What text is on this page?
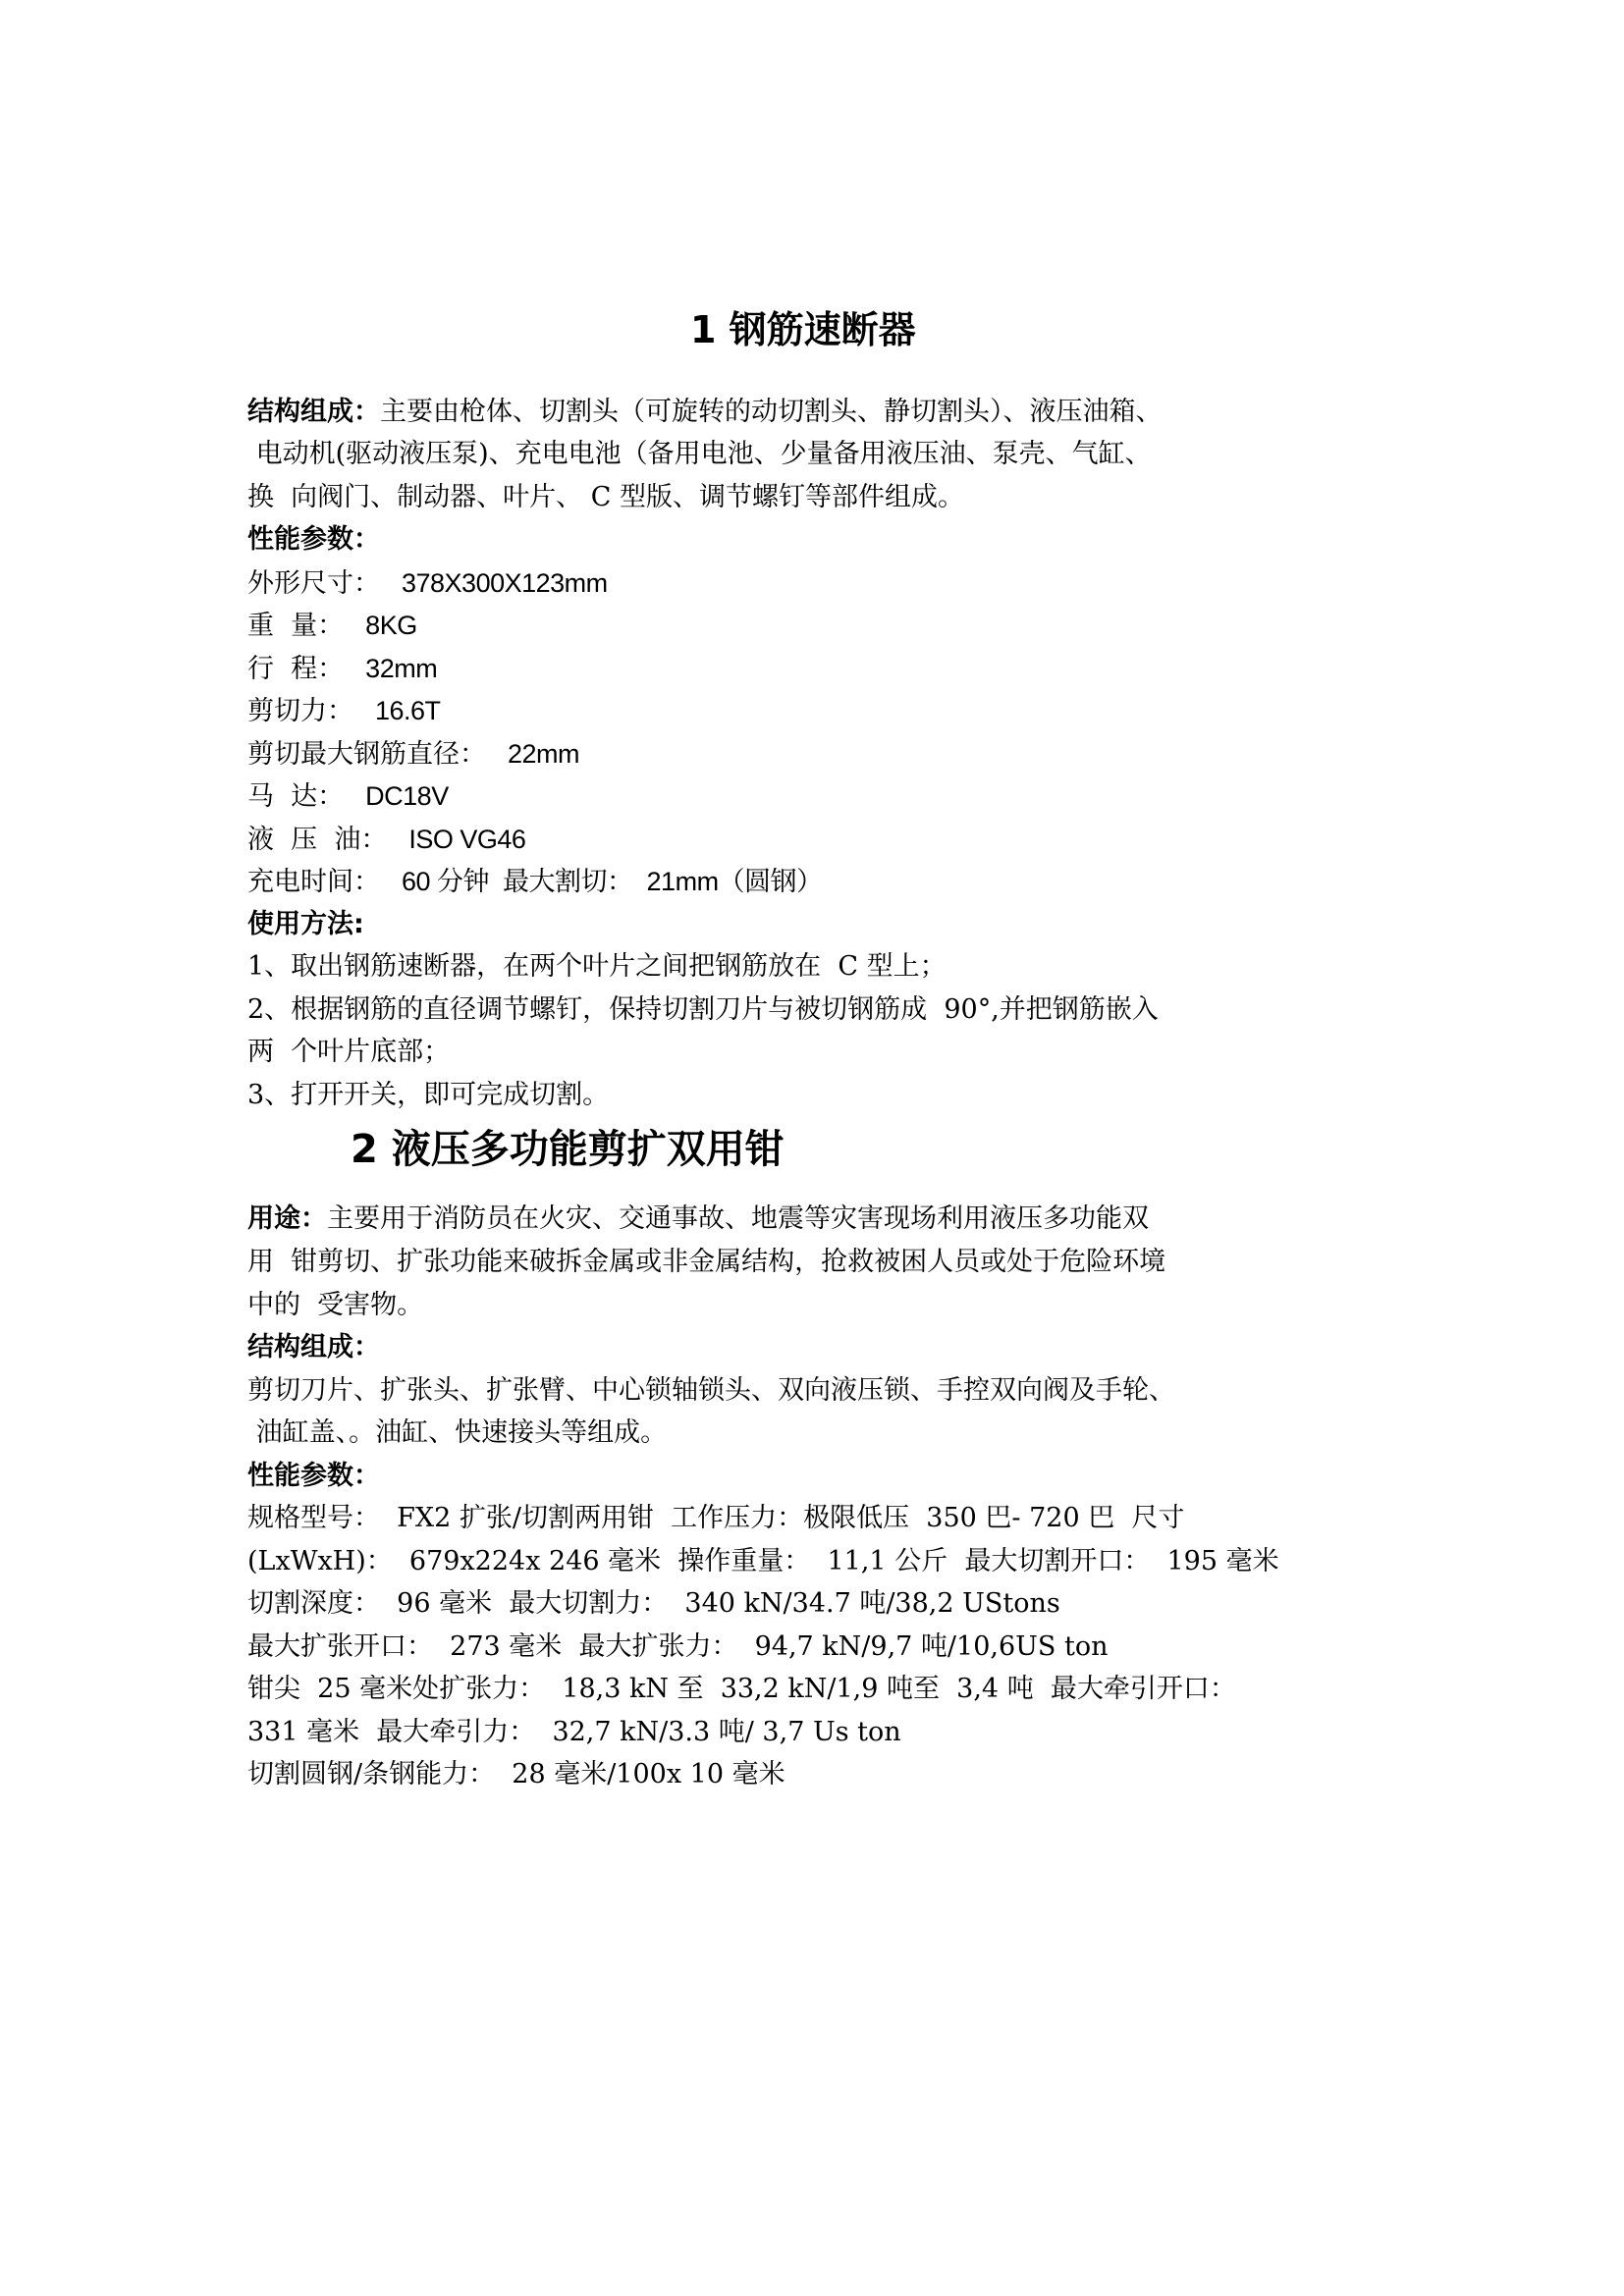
1 钢筋速断器
结构组成：主要由枪体、切割头（可旋转的动切割头、静切割头）、液压油箱、
电动机(驱动液压泵)、充电电池（备用电池、少量备用液压油、泵壳、气缸、
换  向阀门、制动器、叶片、 C 型版、调节螺钉等部件组成。
性能参数：
外形尺寸： 378X300X123mm
重  量： 8KG
行  程： 32mm
剪切力： 16.6T
剪切最大钢筋直径： 22mm
马  达： DC18V
液  压  油： ISO VG46
充电时间： 60 分钟  最大割切：  21mm（圆钢）
使用方法:
1、取出钢筋速断器，在两个叶片之间把钢筋放在  C 型上；
2、根据钢筋的直径调节螺钉，保持切割刀片与被切钢筋成  90°,并把钢筋嵌入
两  个叶片底部；
3、打开开关，即可完成切割。
2 液压多功能剪扩双用钳
用途：主要用于消防员在火灾、交通事故、地震等灾害现场利用液压多功能双
用  钳剪切、扩张功能来破拆金属或非金属结构，抢救被困人员或处于危险环境
中的  受害物。
结构组成：
剪切刀片、扩张头、扩张臂、中心锁轴锁头、双向液压锁、手控双向阀及手轮、
油缸盖、。油缸、快速接头等组成。
性能参数：
规格型号：  FX2 扩张/切割两用钳  工作压力：极限低压  350 巴- 720 巴  尺寸
(LxWxH)：  679x224x 246 毫米  操作重量：  11,1 公斤  最大切割开口：  195 毫米
切割深度：  96 毫米  最大切割力：  340 kN/34.7 吨/38,2 UStons
最大扩张开口：  273 毫米  最大扩张力：  94,7 kN/9,7 吨/10,6US ton
钳尖  25 毫米处扩张力：  18,3 kN 至  33,2 kN/1,9 吨至  3,4 吨  最大牵引开口：
331 毫米  最大牵引力：  32,7 kN/3.3 吨/ 3,7 Us ton
切割圆钢/条钢能力：  28 毫米/100x 10 毫米
